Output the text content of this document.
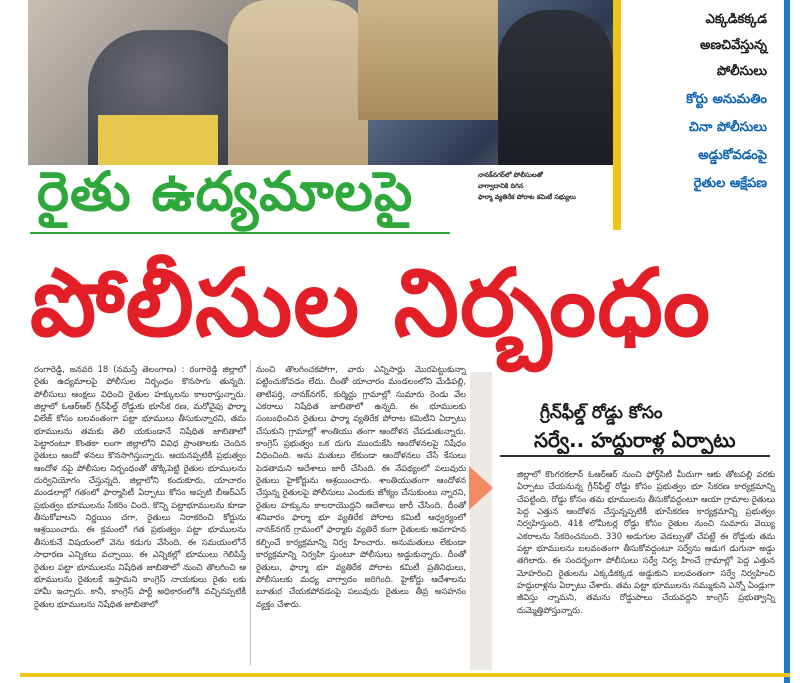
ఎక్కడికక్కడ
అణచివేస్తున్న
పోలీసులు
కోర్టు అనుమతిం
చినా పోలీసులు
అడ్డుకోవడంపై
రైతుల ఆక్షేపణ
నానక్‌నగర్‌లో పోలీసులతో
వాగ్వాదానికి దిగిన
ఫార్మా వ్యతిరేక పోరాట కమిటీ సభ్యులు
రైతు ఉద్యమాలపై
పోలీసుల నిర్బంధం
రంగారెడ్డి, జనవరి 18 (నమస్తే తెలంగాణ) : రంగారెడ్డి జిల్లాలో రైతు ఉద్యమాలపై పోలీసుల నిర్బంధం కొనసాగు తున్నది. పోలీసులు ఆంక్షలు విధించి రైతుల హక్కులను కాలరాస్తున్నారు. జిల్లాలో ఓఆర్‌ఆర్‌ గ్రీన్‌ఫీల్డ్‌ రోడ్డుకు భూసేక రణ, మరోవైపు ఫార్మా విలేజ్‌ కోసం బలవంతంగా పట్టా భూములు తీసుకున్నారని, తమ భూములను తమకు తెలి యకుండానే నిషేధిత జాబితాలో పెట్టారంటూ కొంతకా లంగా జిల్లాలోని వివిధ ప్రాంతాలకు చెందిన రైతులు ఆందో ళనలు కొనసాగిస్తున్నారు. ఆయనప్పటికీ ప్రభుత్వం ఆందోళ నపై పోలీసుల నిర్బంధంతో తొక్కిపెట్టి రైతుల భూములను దుర్వినియోగం చేస్తున్నది. జిల్లాలోని కందుకూరు, యాచారం మండలాల్లో గతంలో ఫార్మాసిటీ ఏర్పాటు కోసం అప్పటి బీఆర్‌ఎస్‌ ప్రభుత్వం భూములను సేకరిం చింది. కొన్ని పట్టాభూములను కూడా తీసుకోవాలని నిర్ణయిం చగా, రైతులు నిరాకరించి కోర్టును ఆశ్రయించారు. ఈ క్రమంలో గత ప్రభుత్వం పట్టా భూములను తీసుకునే విషయంలో వెను కడుగు వేసింది. ఈ సమయంలోనే సాధారణ ఎన్నికలు వచ్చాయి. ఈ ఎన్నికల్లో భూములు గెలిపిస్తే రైతుల పట్టా భూములను నిషేధిత జాబితాలో నుంచి తొలగించి ఆ భూములను రైతులకే ఇస్తామని కాంగ్రెస్‌ నాయకులు రైతు లకు హామీ ఇచ్చారు. కానీ, కాంగ్రెస్‌ పార్టీ అధికారంలోకి వచ్చినప్పటికీ రైతుల భూములను నిషేధిత జాబితాలో
నుంచి తొలగించకపోగా, వారు ఎన్నిసార్లు మొరపెట్టుకున్నా పట్టించుకోవడం లేదు. దీంతో యాచారం మండలంలోని మేడిపల్లి, తాటిపర్తి, నానక్‌నగర్‌, కుర్మిద్దు గ్రామాల్లో సుమారు రెండు వేల ఎకరాలు నిషేధిత జాబితాలో ఉన్నది. ఈ భూములకు సంబంధించిన రైతులు ఫార్మా వ్యతిరేక పోరాట కమిటీని ఏర్పాటు చేసుకుని గ్రామాల్లో శాంతియు తంగా ఆందోళన చేపడుతున్నారు. కాంగ్రెస్‌ ప్రభుత్వం ఒక దుగు ముందుకేసి ఆందోళనలపై నిషేధం విధించింది. అను మతులు లేకుండా ఆందోళనలు చేసే కేసులు పెడతామని ఆదేశాలు జారీ చేసింది. ఈ నేపథ్యంలో పలువురు రైతులు హైకోర్టును ఆశ్రయించారు. శాంతియుతంగా ఆందోళన చేస్తున్న రైతులపై పోలీసులు ఎందుకు జోక్యం చేసుకుంటు న్నారని, రైతుల హక్కును కాలరాయొద్దని ఆదేశాలు జారీ చేసింది. దీంతో శనివారం ఫార్మా భూ వ్యతిరేక పోరాట కమిటీ ఆధ్వర్యంలో నానక్‌నగర్‌ గ్రామంలో ఫార్మాకు వ్యతిరే కంగా రైతులకు అవగాహన కల్పించే కార్యక్రమాన్ని నిర్వ హించారు. అనుమతులు లేకుండా కార్యక్రమాన్ని నిర్వహి స్తుంటూ పోలీసులు అడ్డుకున్నారు. దీంతో రైతులు, ఫార్మా భూ వ్యతిరేక పోరాట కమిటీ ప్రతినిధులు, పోలీసులకు మధ్య వాగ్వాదం జరిగింది. హైకోర్టు ఆదేశాలను బూతుర చేయకపోవడంపై పలువురు రైతులు తీవ్ర అసహనం వ్యక్తం చేశారు.
గ్రీన్‌ఫీల్డ్‌ రోడ్డు కోసం
సర్వే.. హద్దురాళ్ల ఏర్పాటు
జిల్లాలో కొంగరకలాన్‌ ఓఆర్‌ఆర్‌ నుంచి ఫోర్త్‌సిటీ మీదుగా ఆకు తోటపల్లి వరకు ఏర్పాటు చేయనున్న గ్రీన్‌ఫీల్డ్‌ రోడ్డు కోసం ప్రభుత్వం భూ సేకరణ కార్యక్రమాన్ని చేపట్టింది. రోడ్డు కోసం తమ భూములను తీసుకోవద్దంటూ ఆయా గ్రామాల రైతులు పెద్ద ఎత్తున ఆందోళన చేస్తున్నప్పటికీ భూసేకరణ కార్యక్రమాన్ని ప్రభుత్వం నిర్వహిస్తుంది. 41కి లోమీటర్ల రోడ్డు కోసం రైతుల నుంచి సుమారు వెయ్యి ఎకరాలను సేకరించనుంది. 330 అడుగుల వెడల్పుతో చేపట్టే ఈ రోడ్డుకు తమ పట్టా భూములను బలవంతంగా తీసుకోవద్దంటూ సర్వేను ఆడుగ డుగునా అడ్డు తగిలారు. ఈ సందర్భంగా పోలీసులు సర్వే నిర్వ హించే గ్రామాల్లో పెద్ద ఎత్తున మోహరించి రైతులను ఎక్కడికక్కడ అడ్డుకుని బలవంతంగా సర్వే నిర్వహించి హద్దురాళ్లను ఏర్పాటు చేశారు. తమ పట్టా భూములను నమ్ముకుని ఎన్నో ఏండ్లుగా జీవిస్తు న్నామని, తమను రోడ్డుపాలు చేయవద్దని కాంగ్రెస్‌ ప్రభుత్వాన్ని దుమ్మెత్తిపోస్తున్నారు.
